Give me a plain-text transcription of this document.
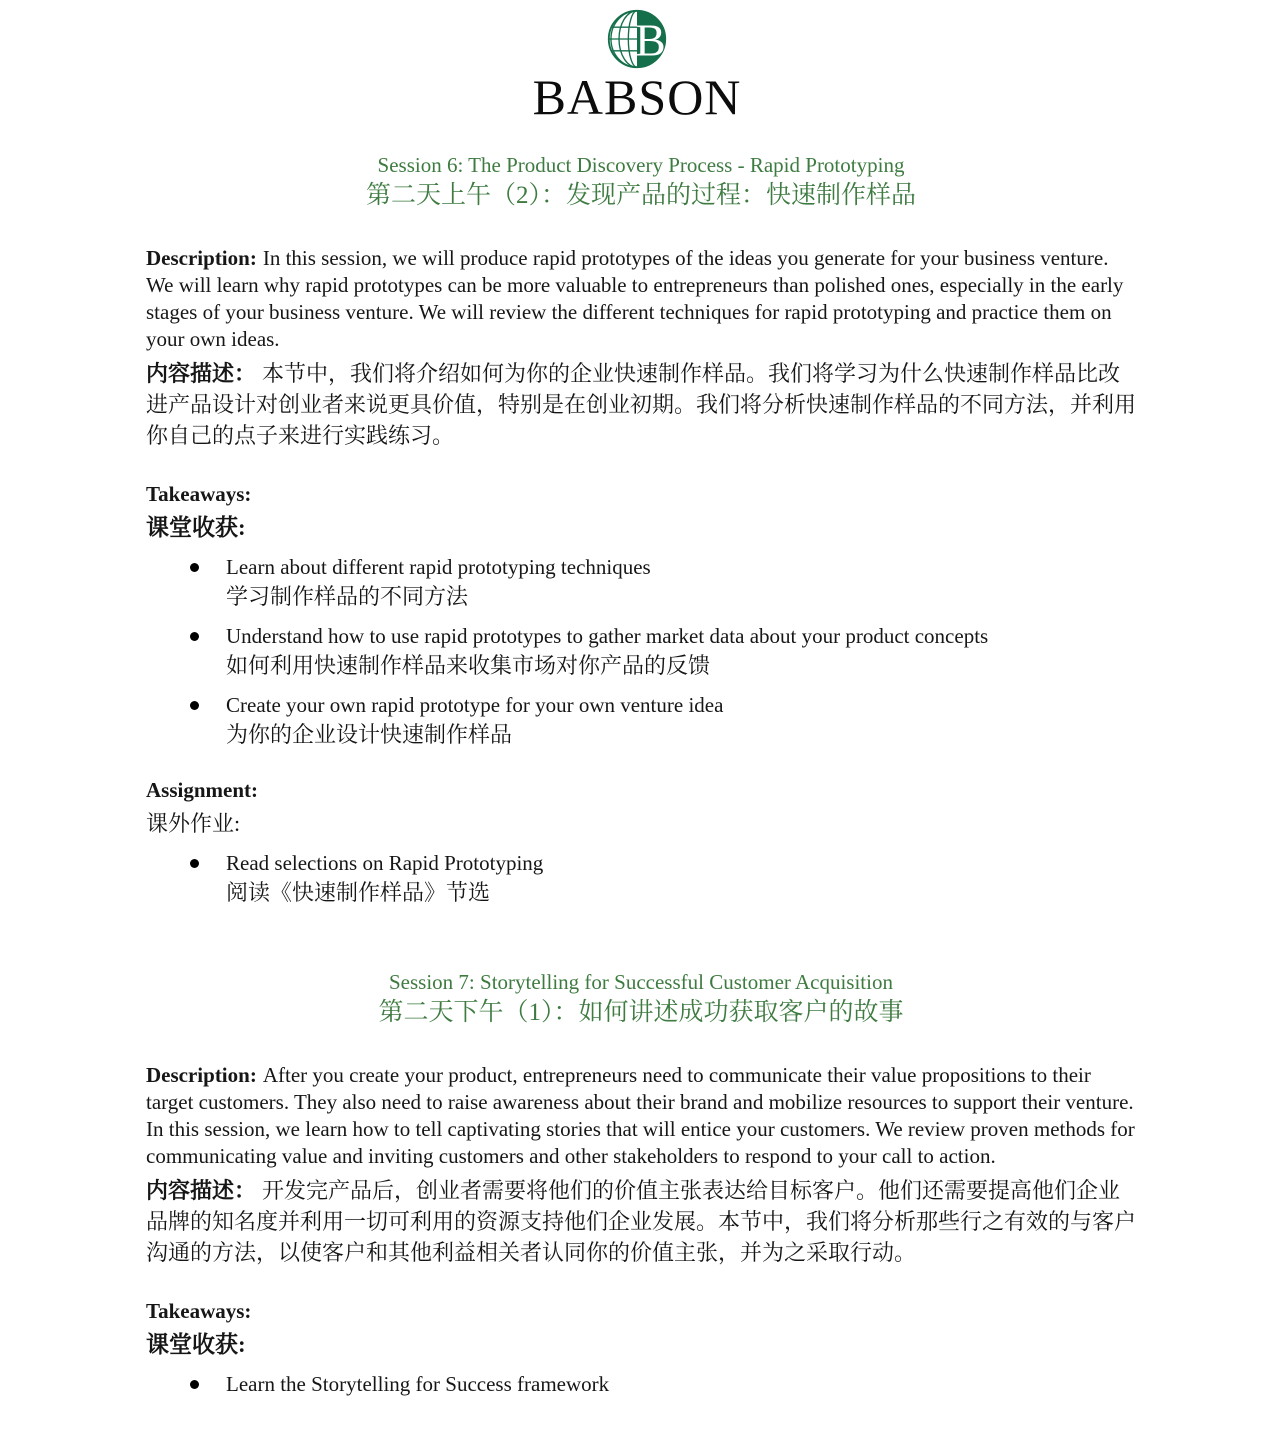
B
BABSON
Session 6: The Product Discovery Process - Rapid Prototyping
第二天上午（2）：发现产品的过程：快速制作样品

Description: In this session, we will produce rapid prototypes of the ideas you generate for your business venture. We will learn why rapid prototypes can be more valuable to entrepreneurs than polished ones, especially in the early stages of your business venture. We will review the different techniques for rapid prototyping and practice them on your own ideas.

内容描述： 本节中，我们将介绍如何为你的企业快速制作样品。我们将学习为什么快速制作样品比改进产品设计对创业者来说更具价值，特别是在创业初期。我们将分析快速制作样品的不同方法，并利用你自己的点子来进行实践练习。

Takeaways:

课堂收获:

Learn about different rapid prototyping techniques
学习制作样品的不同方法
Understand how to use rapid prototypes to gather market data about your product concepts
如何利用快速制作样品来收集市场对你产品的反馈
Create your own rapid prototype for your own venture idea
为你的企业设计快速制作样品

Assignment:

课外作业:

Read selections on Rapid Prototyping
阅读《快速制作样品》节选
Session 7: Storytelling for Successful Customer Acquisition
第二天下午（1）：如何讲述成功获取客户的故事

Description: After you create your product, entrepreneurs need to communicate their value propositions to their target customers. They also need to raise awareness about their brand and mobilize resources to support their venture. In this session, we learn how to tell captivating stories that will entice your customers. We review proven methods for communicating value and inviting customers and other stakeholders to respond to your call to action.

内容描述： 开发完产品后，创业者需要将他们的价值主张表达给目标客户。他们还需要提高他们企业品牌的知名度并利用一切可利用的资源支持他们企业发展。本节中，我们将分析那些行之有效的与客户沟通的方法，以使客户和其他利益相关者认同你的价值主张，并为之采取行动。

Takeaways:

课堂收获:

Learn the Storytelling for Success framework
